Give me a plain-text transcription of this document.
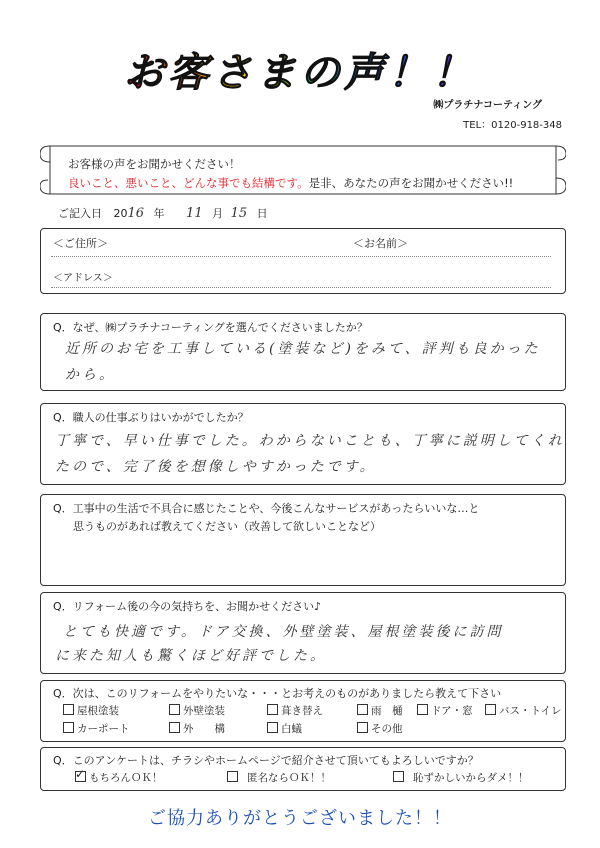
お客さまの声！！
㈱プラチナコーティング
TEL：0120-918-348
お客様の声をお聞かせください！
良いこと、悪いこと、どんな事でも結構です。是非、あなたの声をお聞かせください!!
ご記入日 2016 年 11 月 15 日
＜ご住所＞	＜お名前＞
＜アドレス＞
Q．なぜ、㈱プラチナコーティングを選んでくださいましたか？
近所のお宅を工事している(塗装など)をみて、評判も良かった
から。
Q．職人の仕事ぶりはいかがでしたか？
丁寧で、早い仕事でした。わからないことも、丁寧に説明してくれ
たので、完了後を想像しやすかったです。
Q．工事中の生活で不具合に感じたことや、今後こんなサービスがあったらいいな…と
思うものがあれば教えてください（改善して欲しいことなど）
Q．リフォーム後の今の気持ちを、お聞かせください♪
とても快適です。ドア交換、外壁塗装、屋根塗装後に訪問
に来た知人も驚くほど好評でした。
Q．次は、このリフォームをやりたいな・・・とお考えのものがありましたら教えて下さい
屋根塗装	外壁塗装	葺き替え	雨　樋	ドア・窓	バス・トイレ
カーポート	外　　構	白蟻	その他
Q．このアンケートは、チラシやホームページで紹介させて頂いてもよろしいですか？
✓ もちろんＯＫ！	匿名ならＯＫ！！	恥ずかしいからダメ！！
ご協力ありがとうございました！！
